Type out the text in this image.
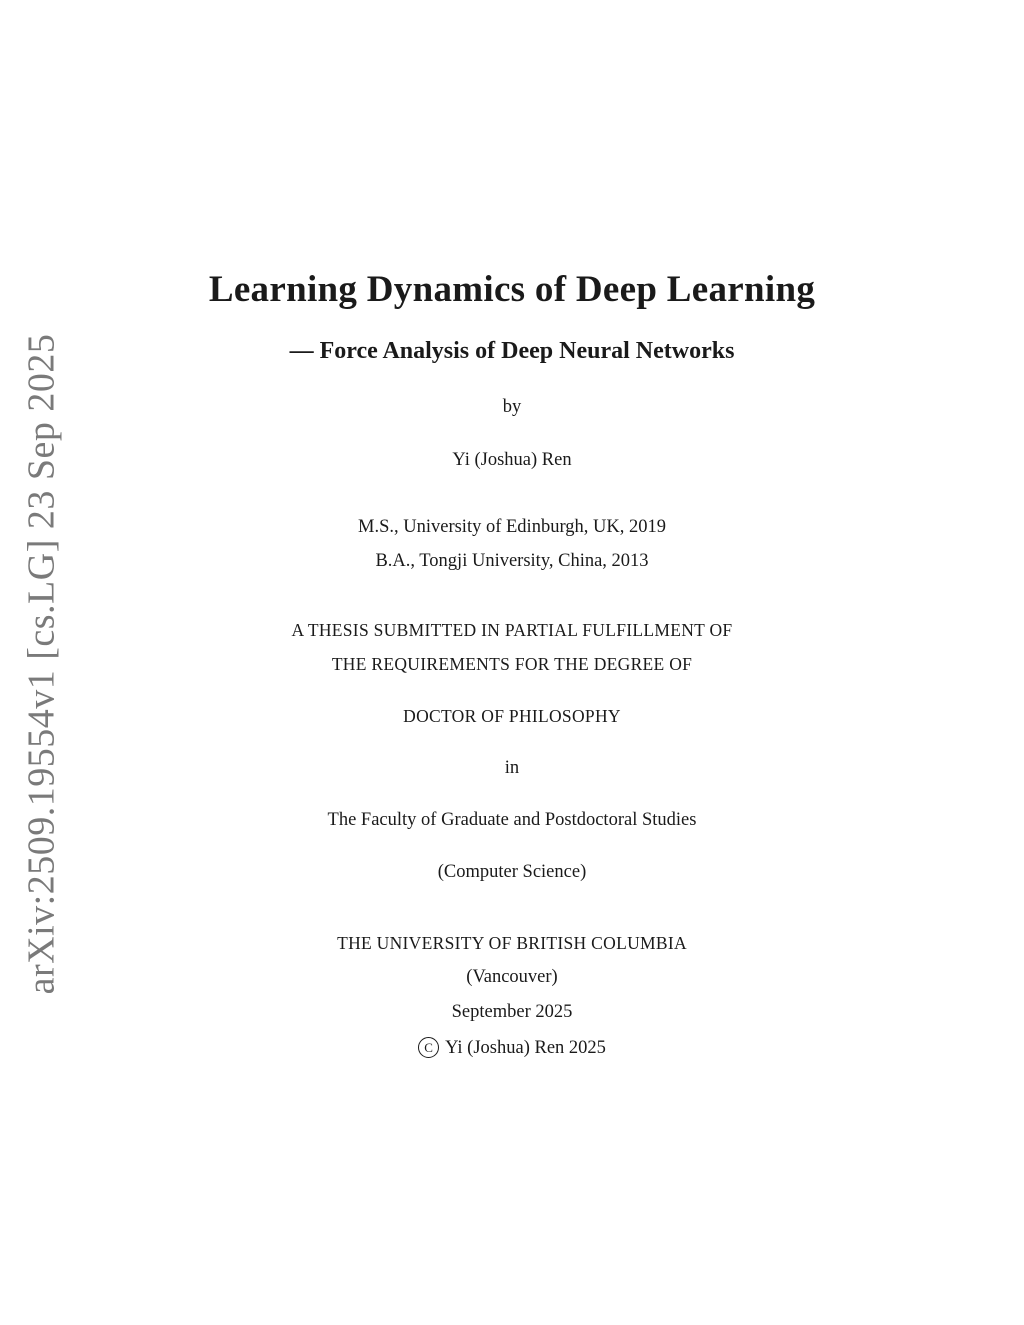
arXiv:2509.19554v1 [cs.LG] 23 Sep 2025
Learning Dynamics of Deep Learning
— Force Analysis of Deep Neural Networks
by
Yi (Joshua) Ren
M.S., University of Edinburgh, UK, 2019
B.A., Tongji University, China, 2013
A THESIS SUBMITTED IN PARTIAL FULFILLMENT OF
THE REQUIREMENTS FOR THE DEGREE OF
DOCTOR OF PHILOSOPHY
in
The Faculty of Graduate and Postdoctoral Studies
(Computer Science)
THE UNIVERSITY OF BRITISH COLUMBIA
(Vancouver)
September 2025
C Yi (Joshua) Ren 2025
